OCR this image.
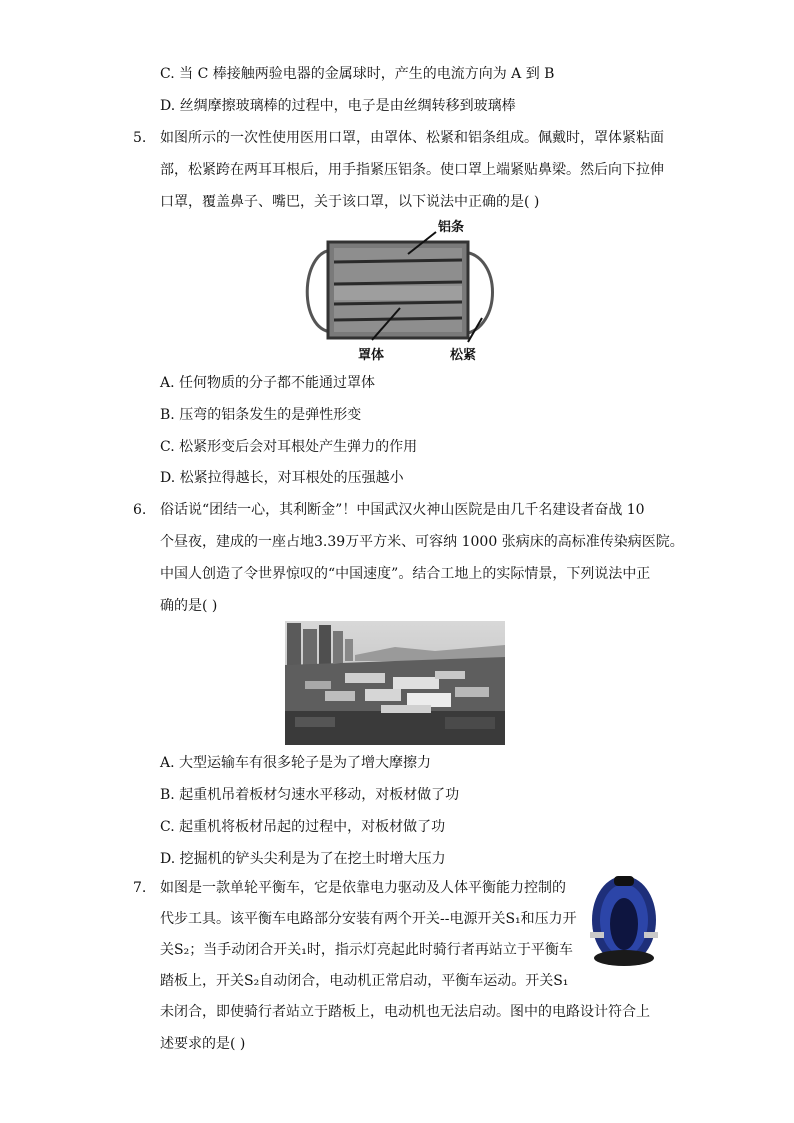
C. 当 C 棒接触两验电器的金属球时，产生的电流方向为 A 到 B
D. 丝绸摩擦玻璃棒的过程中，电子是由丝绸转移到玻璃棒
5. 如图所示的一次性使用医用口罩，由罩体、松紧和铝条组成。佩戴时，罩体紧粘面
部，松紧跨在两耳耳根后，用手指紧压铝条。使口罩上端紧贴鼻梁。然后向下拉伸
口罩，覆盖鼻子、嘴巴，关于该口罩，以下说法中正确的是( )
铝条
罩体	松紧
A. 任何物质的分子都不能通过罩体
B. 压弯的铝条发生的是弹性形变
C. 松紧形变后会对耳根处产生弹力的作用
D. 松紧拉得越长，对耳根处的压强越小
6. 俗话说“团结一心，其利断金”！中国武汉火神山医院是由几千名建设者奋战 10
个昼夜，建成的一座占地3.39万平方米、可容纳 1000 张病床的高标准传染病医院。
中国人创造了令世界惊叹的“中国速度”。结合工地上的实际情景，下列说法中正
确的是( )
A. 大型运输车有很多轮子是为了增大摩擦力
B. 起重机吊着板材匀速水平移动，对板材做了功
C. 起重机将板材吊起的过程中，对板材做了功
D. 挖掘机的铲头尖利是为了在挖土时增大压力
7. 如图是一款单轮平衡车，它是依靠电力驱动及人体平衡能力控制的
代步工具。该平衡车电路部分安装有两个开关--电源开关S₁和压力开
关S₂；当手动闭合开关₁时，指示灯亮起此时骑行者再站立于平衡车
踏板上，开关S₂自动闭合，电动机正常启动，平衡车运动。开关S₁
未闭合，即使骑行者站立于踏板上，电动机也无法启动。图中的电路设计符合上
述要求的是( )
